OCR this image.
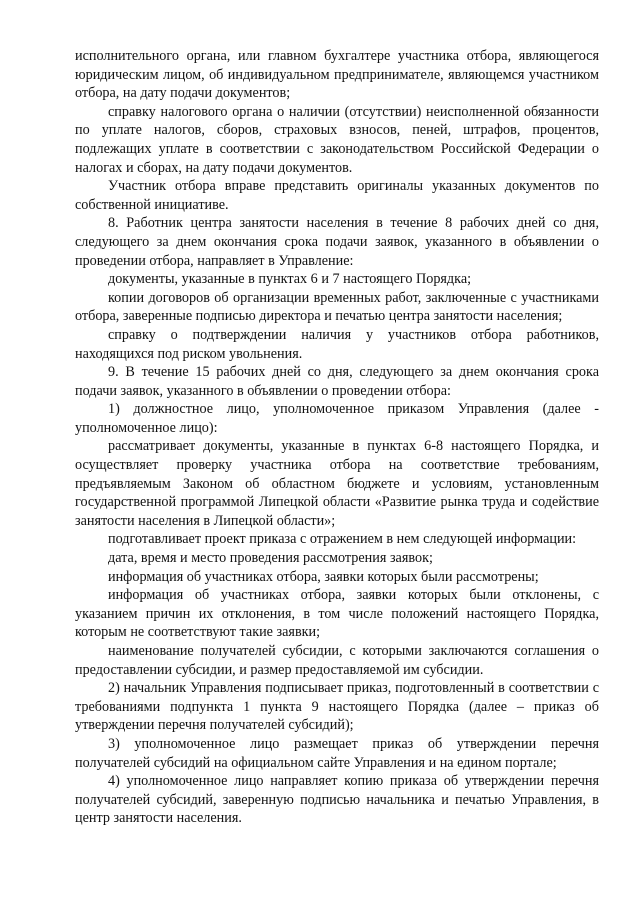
исполнительного органа, или главном бухгалтере участника отбора, являющегося юридическим лицом, об индивидуальном предпринимателе, являющемся участником отбора, на дату подачи документов;

справку налогового органа о наличии (отсутствии) неисполненной обязанности по уплате налогов, сборов, страховых взносов, пеней, штрафов, процентов, подлежащих уплате в соответствии с законодательством Российской Федерации о налогах и сборах, на дату подачи документов.

Участник отбора вправе представить оригиналы указанных документов по собственной инициативе.

8. Работник центра занятости населения в течение 8 рабочих дней со дня, следующего за днем окончания срока подачи заявок, указанного в объявлении о проведении отбора, направляет в Управление:

документы, указанные в пунктах 6 и 7 настоящего Порядка;

копии договоров об организации временных работ, заключенные с участниками отбора, заверенные подписью директора и печатью центра занятости населения;

справку о подтверждении наличия у участников отбора работников, находящихся под риском увольнения.

9. В течение 15 рабочих дней со дня, следующего за днем окончания срока подачи заявок, указанного в объявлении о проведении отбора:

1) должностное лицо, уполномоченное приказом Управления (далее - уполномоченное лицо):

рассматривает документы, указанные в пунктах 6-8 настоящего Порядка, и осуществляет проверку участника отбора на соответствие требованиям, предъявляемым Законом об областном бюджете и условиям, установленным государственной программой Липецкой области «Развитие рынка труда и содействие занятости населения в Липецкой области»;

подготавливает проект приказа с отражением в нем следующей информации:

дата, время и место проведения рассмотрения заявок;

информация об участниках отбора, заявки которых были рассмотрены;

информация об участниках отбора, заявки которых были отклонены, с указанием причин их отклонения, в том числе положений настоящего Порядка, которым не соответствуют такие заявки;

наименование получателей субсидии, с которыми заключаются соглашения о предоставлении субсидии, и размер предоставляемой им субсидии.

2) начальник Управления подписывает приказ, подготовленный в соответствии с требованиями подпункта 1 пункта 9 настоящего Порядка (далее – приказ об утверждении перечня получателей субсидий);

3) уполномоченное лицо размещает приказ об утверждении перечня получателей субсидий на официальном сайте Управления и на едином портале;

4) уполномоченное лицо направляет копию приказа об утверждении перечня получателей субсидий, заверенную подписью начальника и печатью Управления, в центр занятости населения.
